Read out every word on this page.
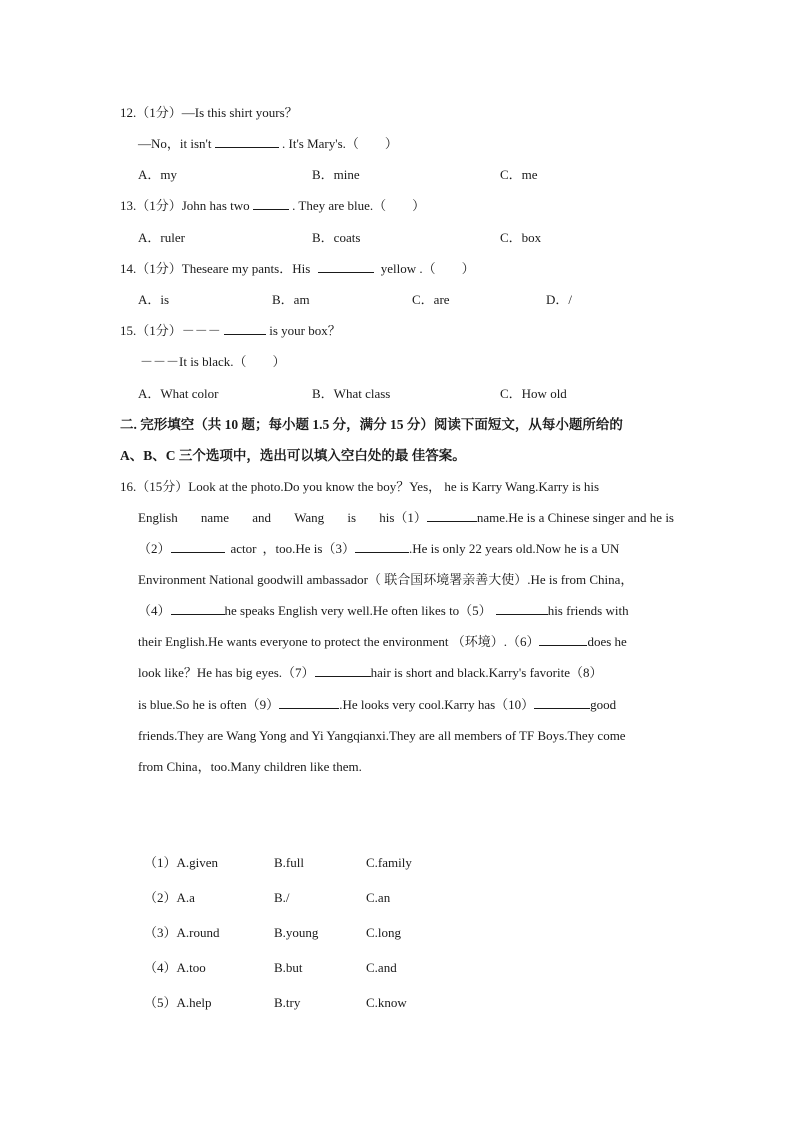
12.（1分）—Is this shirt yours？
—No，it isn't	. It's Mary's.（　　）
A．my	B．mine	C．me
13.（1分）John has two	. They are blue.（　　）
A．ruler	B．coats	C．box
14.（1分）Theseare my pants．His	yellow .（　　）
A．is	B．am	C．are	D．/
15.（1分）－－－	is your box？
－－－It is black.（　　）
A．What color	B．What class	C．How old
二. 完形填空（共 10 题；每小题 1.5 分，满分 15 分）阅读下面短文，从每小题所给的
A、B、C 三个选项中，选出可以填入空白处的最 佳答案。
16.（15分）Look at the photo.Do you know the boy？Yes， he is Karry Wang.Karry is his
English name and Wang is his（1）	name.He is a Chinese singer and he is
（2）	actor ，too.He is（3）	.He is only 22 years old.Now he is a UN
Environment National goodwill ambassador（ 联合国环境署亲善大使）.He is from China，
（4）	he speaks English very well.He often likes to（5）	his friends with
their English.He wants everyone to protect the environment （环境）.（6）	does he
look like？He has big eyes.（7）	hair is short and black.Karry's favorite（8）
is blue.So he is often（9）	.He looks very cool.Karry has（10）	good
friends.They are Wang Yong and Yi Yangqianxi.They are all members of TF Boys.They come
from China，too.Many children like them.
（1）A.given	B.full	C.family
（2）A.a	B./	C.an
（3）A.round	B.young	C.long
（4）A.too	B.but	C.and
（5）A.help	B.try	C.know
